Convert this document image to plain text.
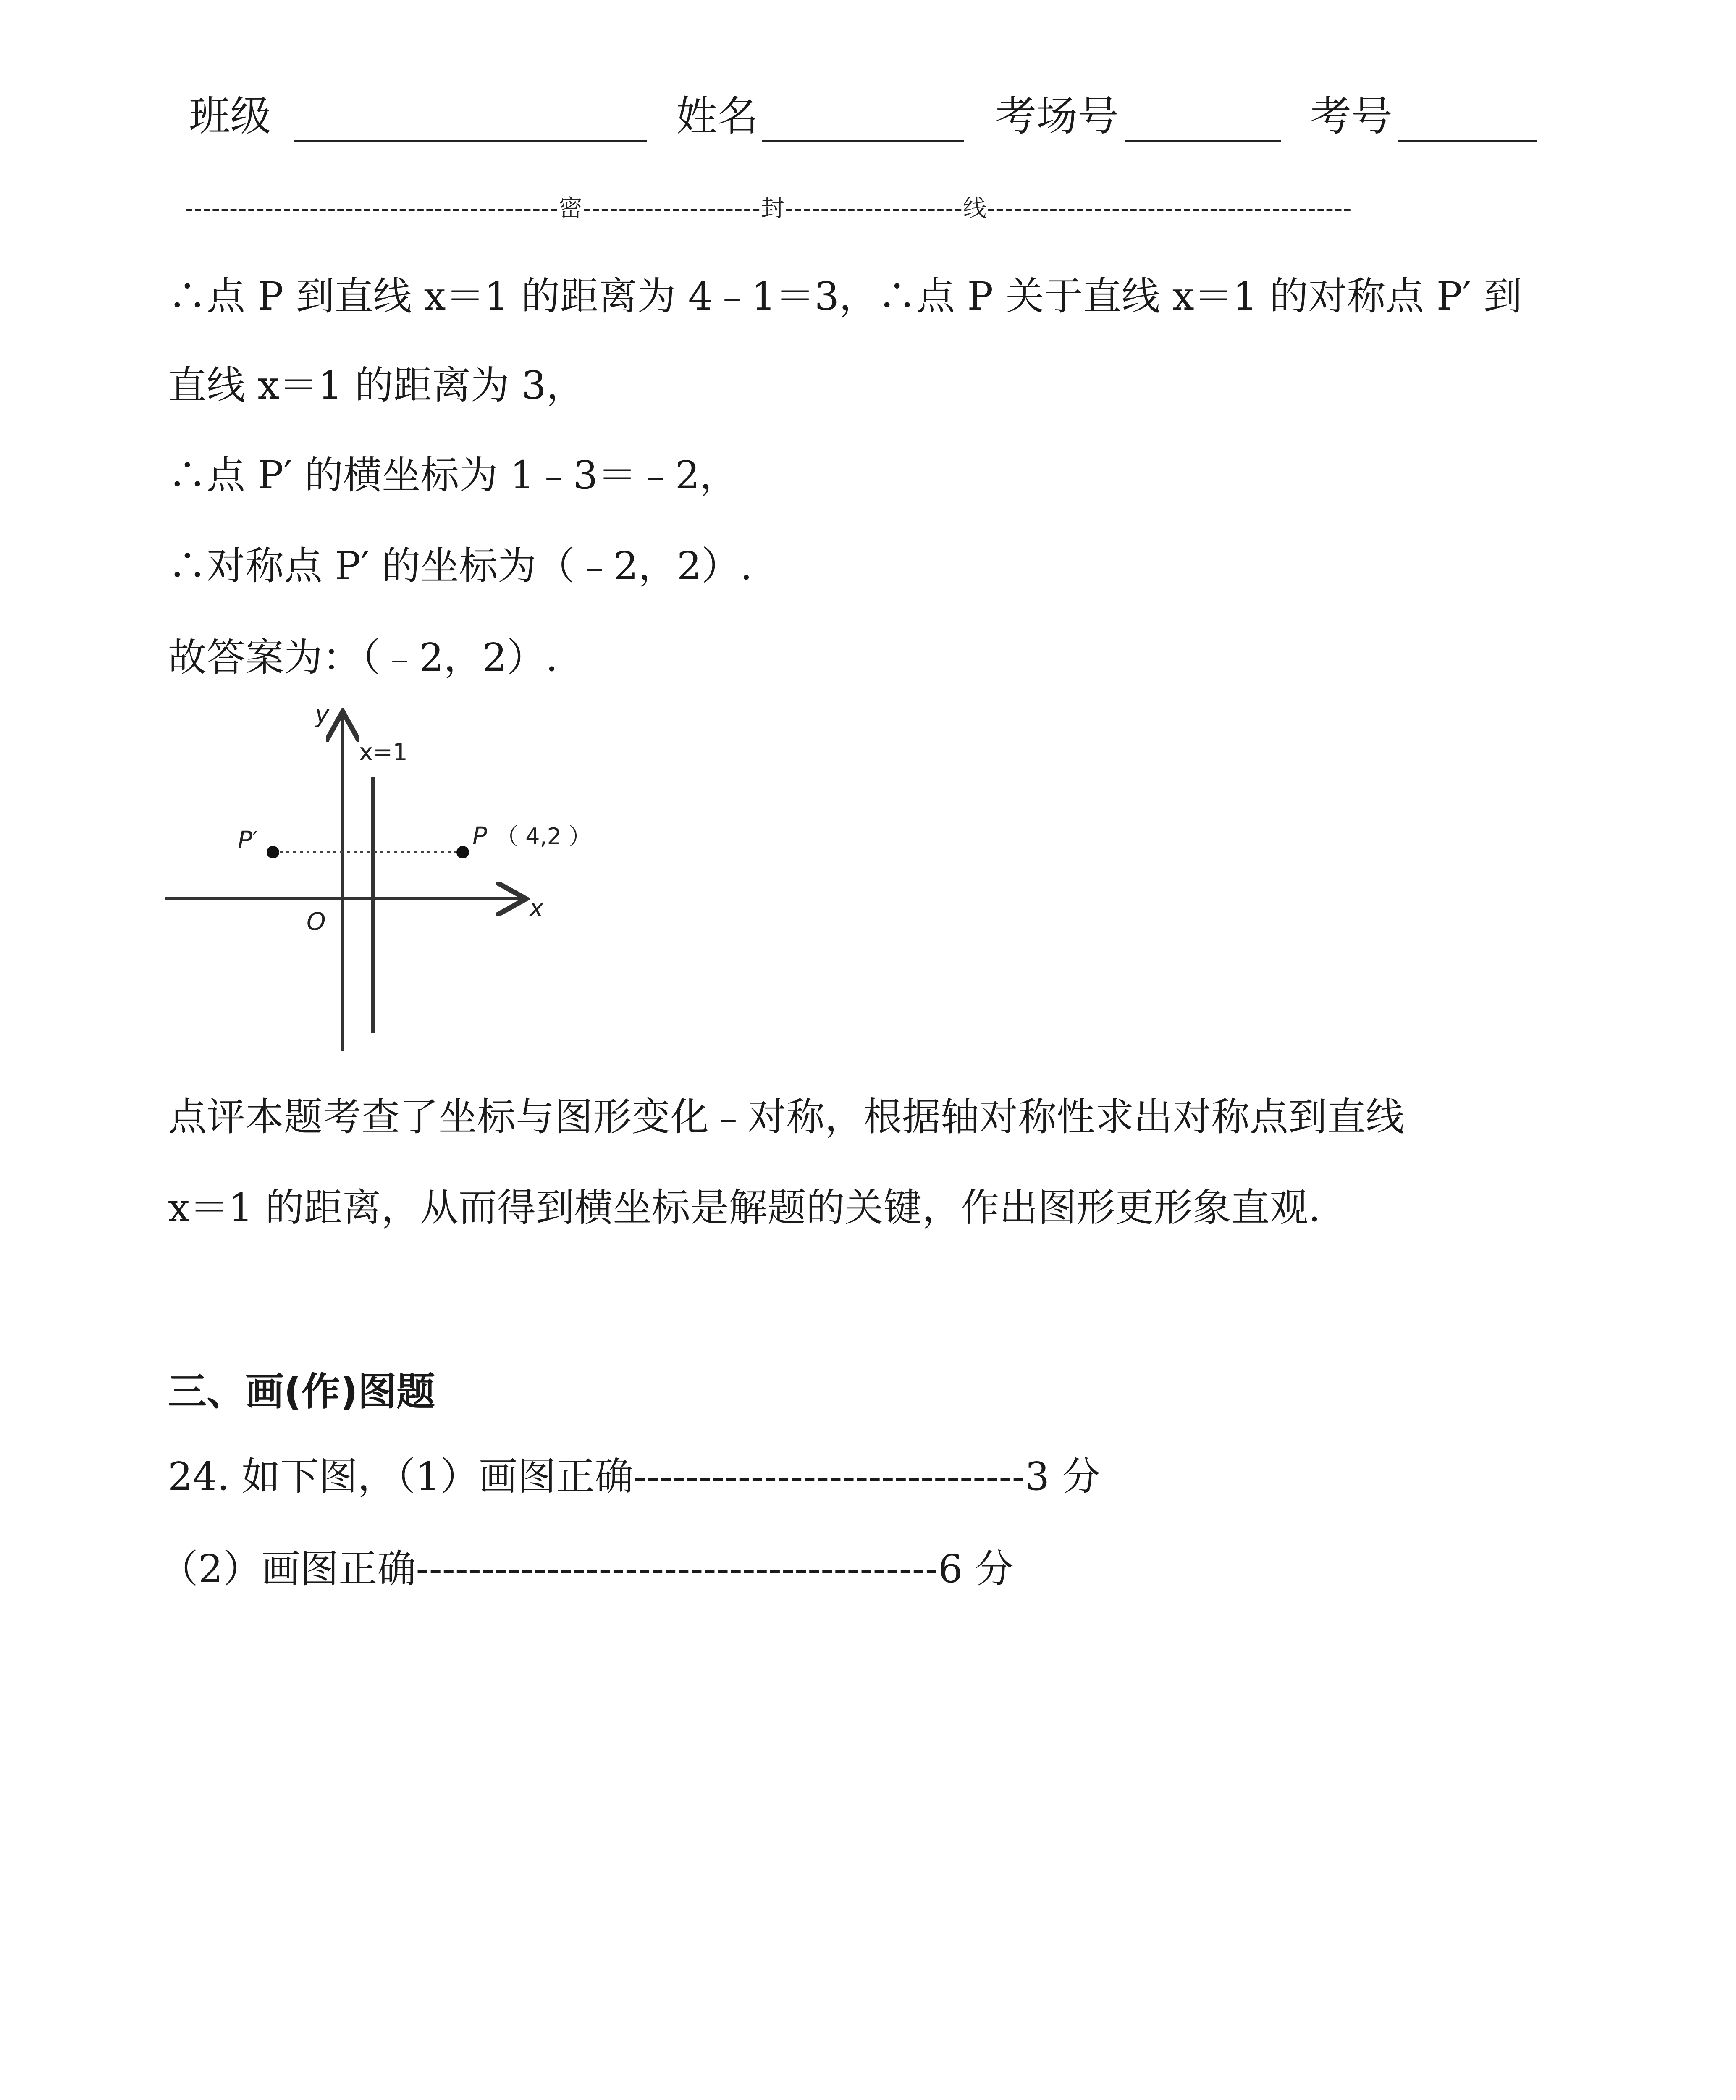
班级	姓名	考场号	考号
------------------------------------------密--------------------封--------------------线-----------------------------------------
∴点 P 到直线 x＝1 的距离为 4﹣1＝3，∴点 P 关于直线 x＝1 的对称点 P′ 到
直线 x＝1 的距离为 3，
∴点 P′ 的横坐标为 1﹣3＝﹣2，
∴对称点 P′ 的坐标为（﹣2，2）.
故答案为：（﹣2，2）.
y
x
O
x=1
P （ 4,2 ）
P′
点评本题考查了坐标与图形变化﹣对称，根据轴对称性求出对称点到直线
x＝1 的距离，从而得到横坐标是解题的关键，作出图形更形象直观.
三、画(作)图题
24. 如下图，（1）画图正确------------------------------3 分
（2）画图正确----------------------------------------6 分
